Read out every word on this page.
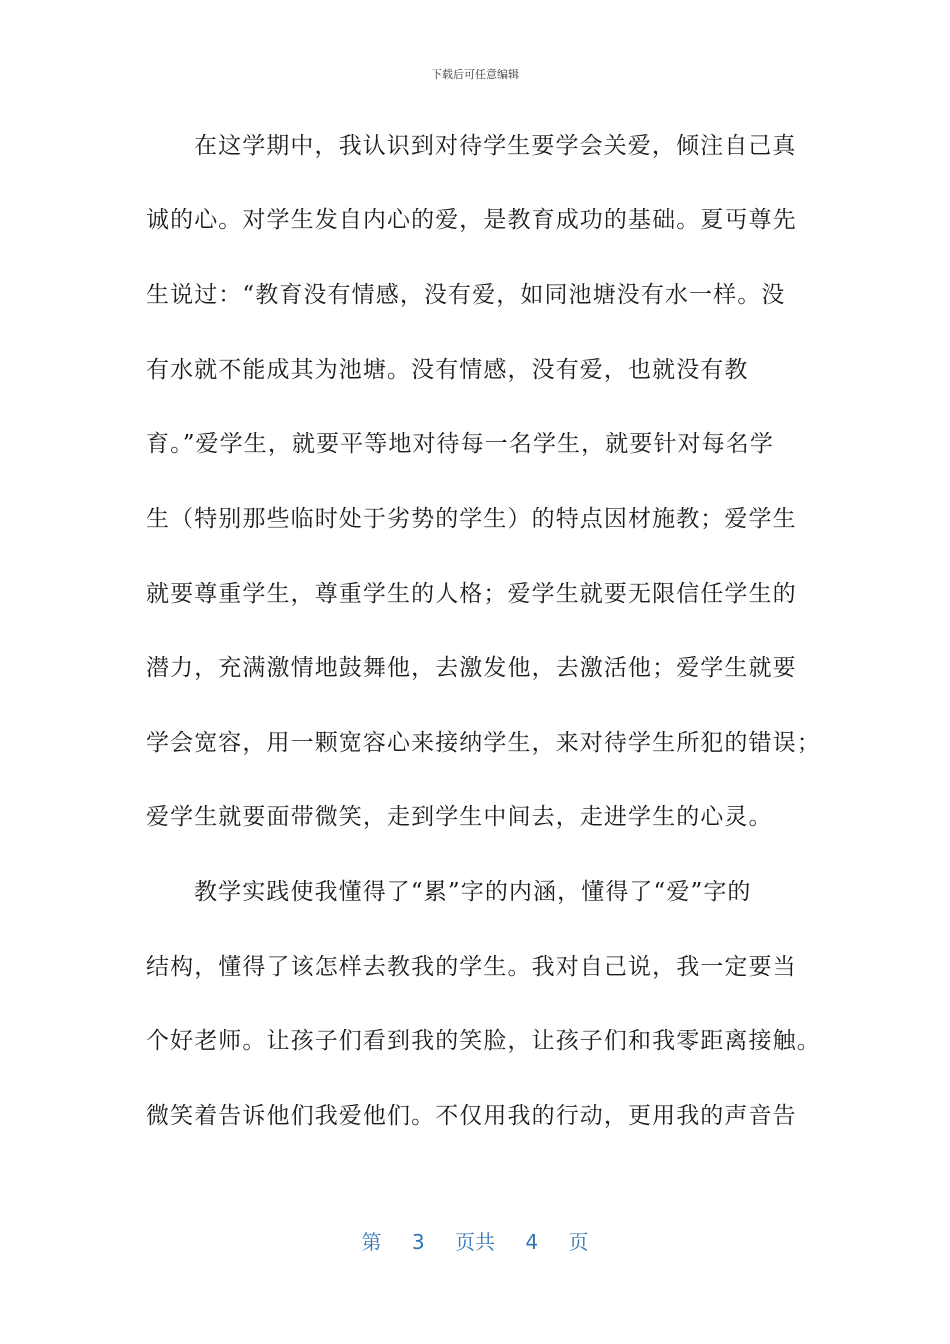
下载后可任意编辑
在这学期中，我认识到对待学生要学会关爱，倾注自己真
诚的心。对学生发自内心的爱，是教育成功的基础。夏丏尊先
生说过：“教育没有情感，没有爱，如同池塘没有水一样。没
有水就不能成其为池塘。没有情感，没有爱，也就没有教
育。”爱学生，就要平等地对待每一名学生，就要针对每名学
生（特别那些临时处于劣势的学生）的特点因材施教；爱学生
就要尊重学生，尊重学生的人格；爱学生就要无限信任学生的
潜力，充满激情地鼓舞他，去激发他，去激活他；爱学生就要
学会宽容，用一颗宽容心来接纳学生，来对待学生所犯的错误；
爱学生就要面带微笑，走到学生中间去，走进学生的心灵。
教学实践使我懂得了“累”字的内涵，懂得了“爱”字的
结构，懂得了该怎样去教我的学生。我对自己说，我一定要当
个好老师。让孩子们看到我的笑脸，让孩子们和我零距离接触。
微笑着告诉他们我爱他们。不仅用我的行动，更用我的声音告
第 3 页共 4 页
